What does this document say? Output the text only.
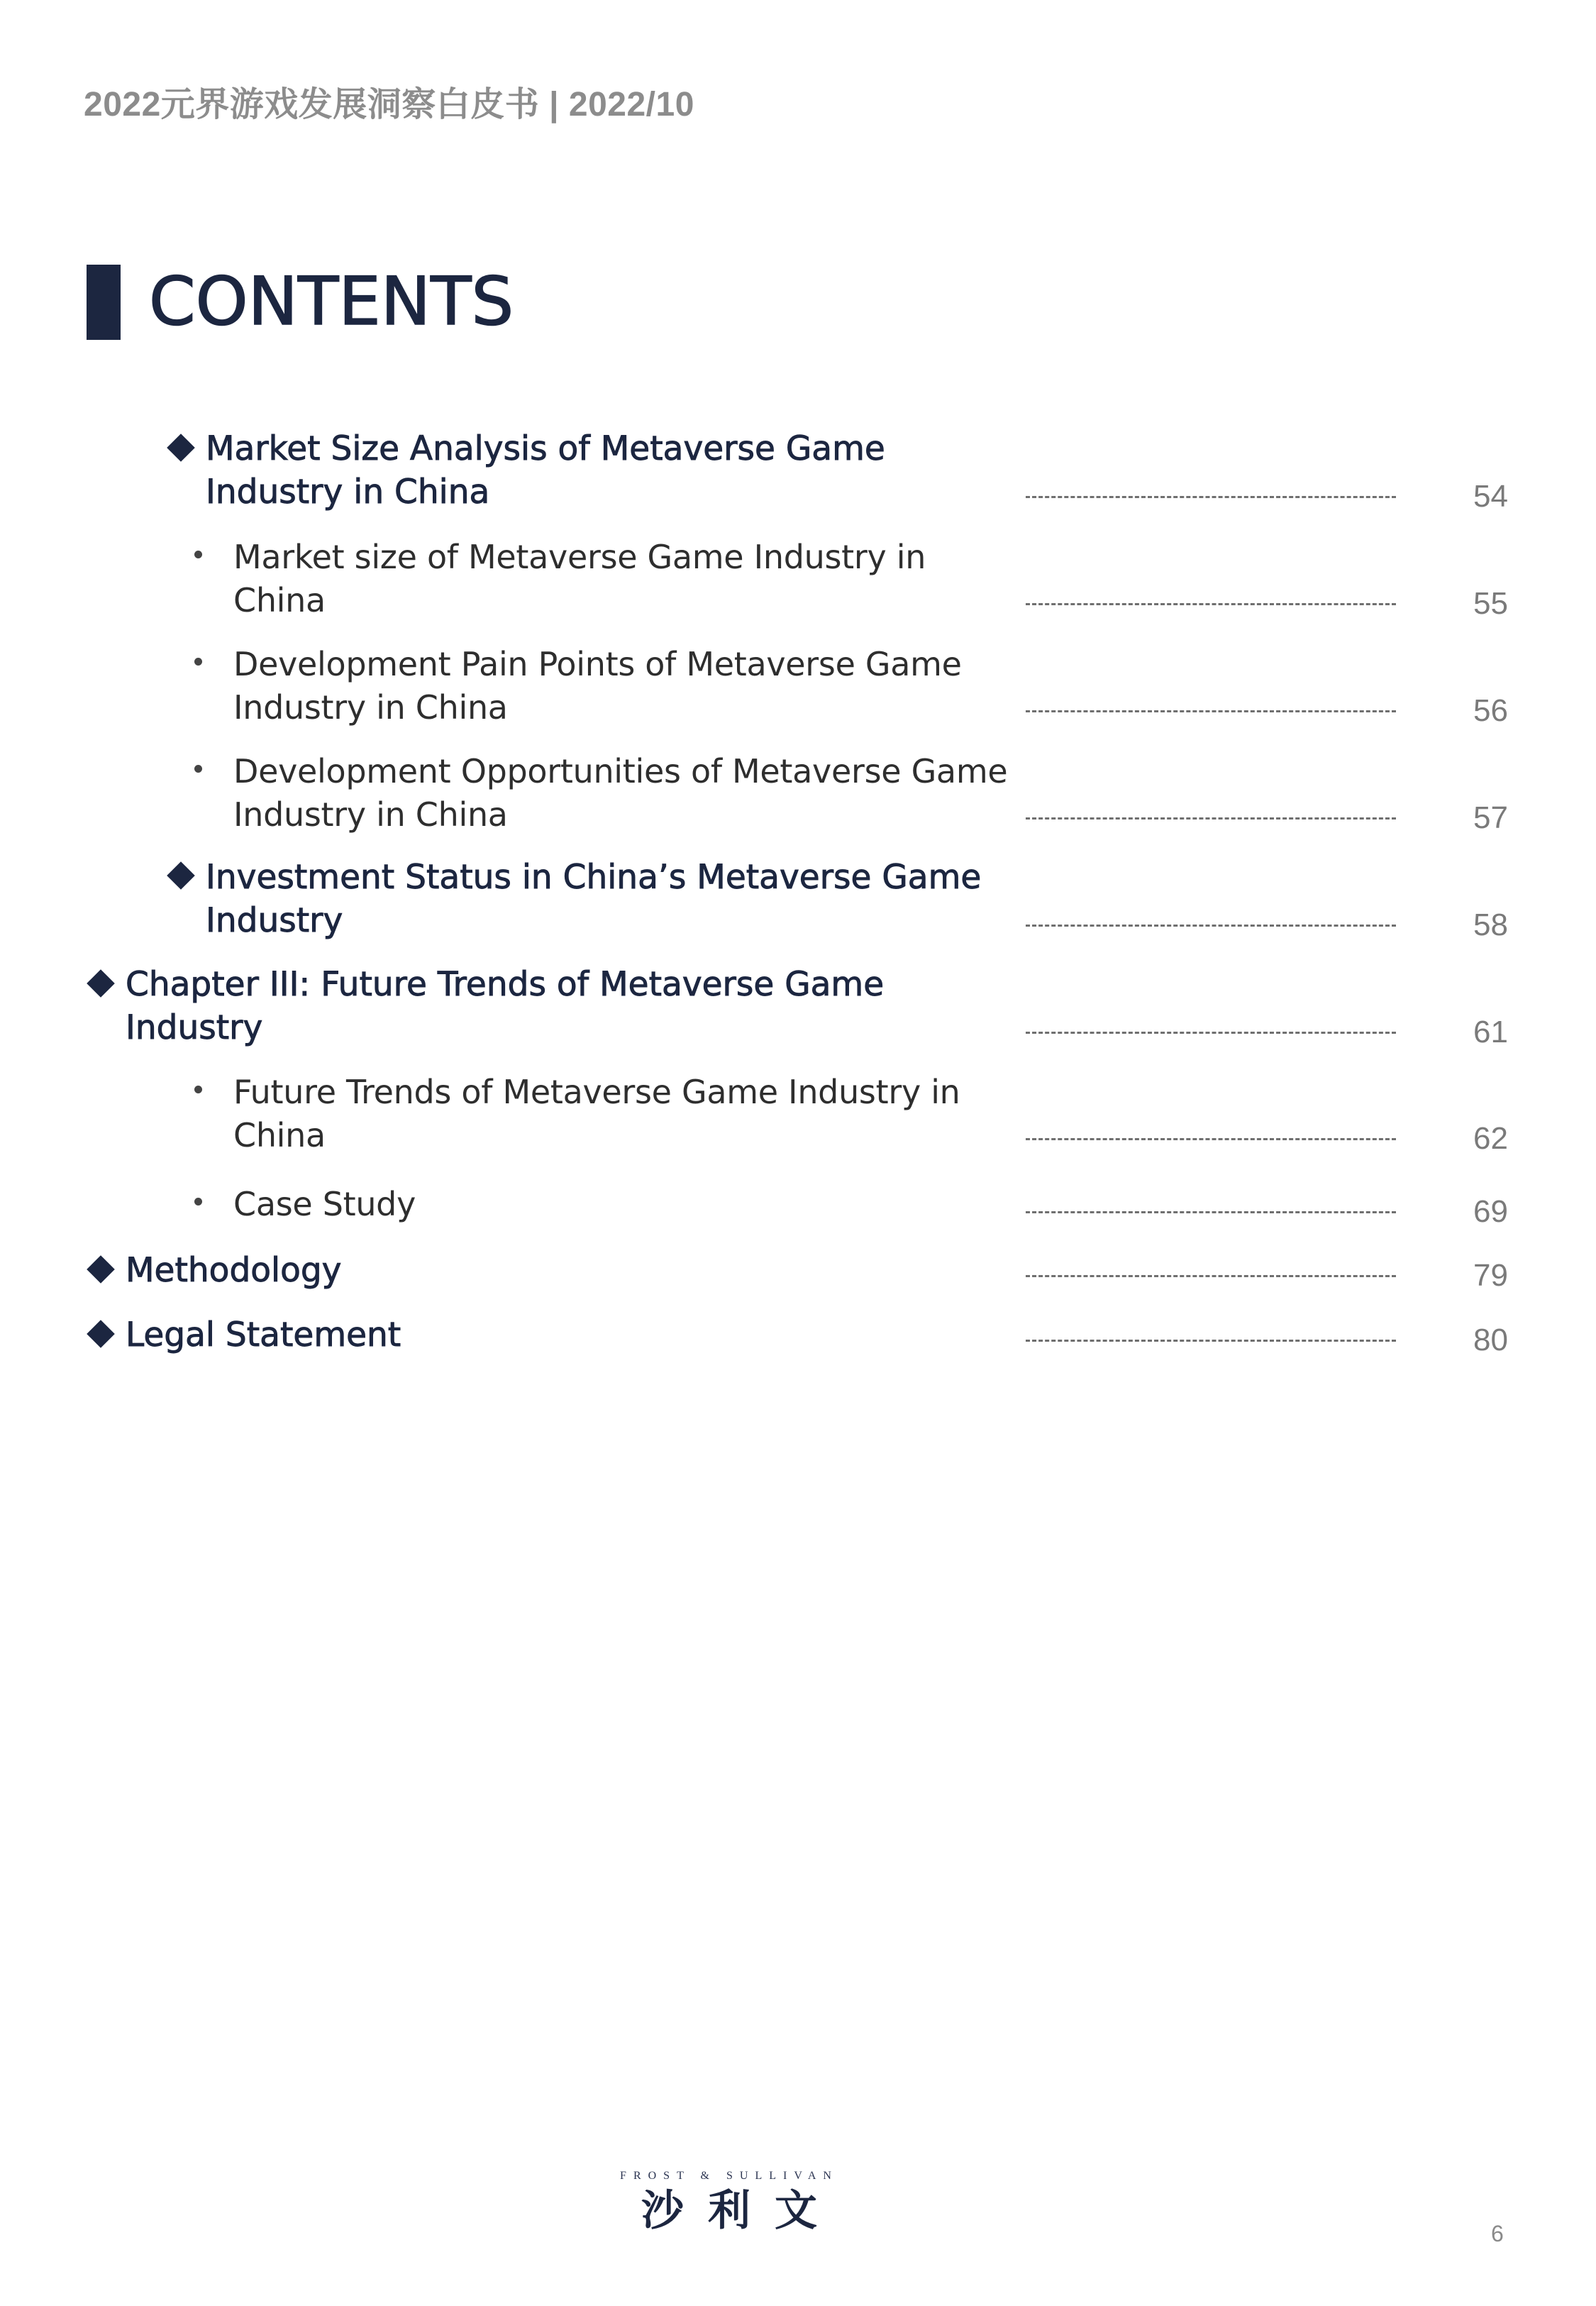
2022元界游戏发展洞察白皮书 | 2022/10
CONTENTS
Market Size Analysis of Metaverse Game
Industry in China	54
Market size of Metaverse Game Industry in
China	55
Development Pain Points of Metaverse Game
Industry in China	56
Development Opportunities of Metaverse Game
Industry in China	57
Investment Status in China’s Metaverse Game
Industry	58
Chapter III: Future Trends of Metaverse Game
Industry	61
Future Trends of Metaverse Game Industry in
China	62
Case Study	69
Methodology	79
Legal Statement	80
FROST & SULLIVAN
沙利文	6
